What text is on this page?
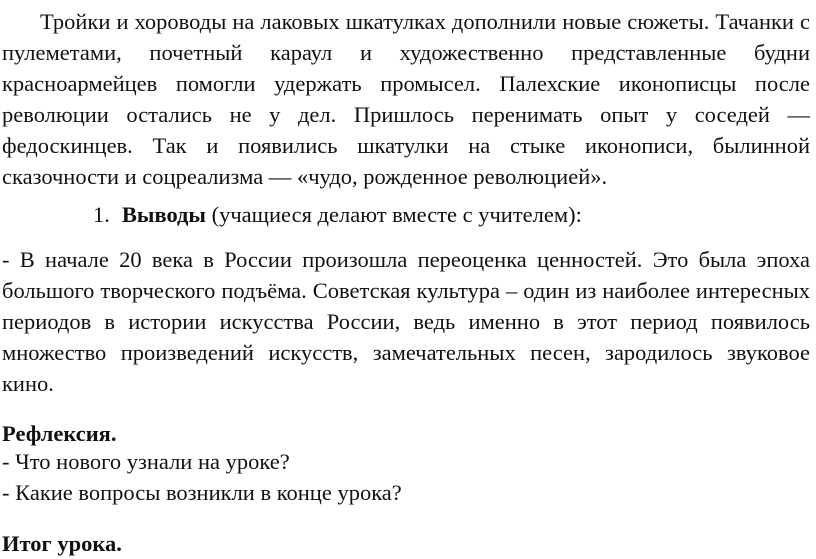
Тройки и хороводы на лаковых шкатулках дополнили новые сюжеты. Тачанки с пулеметами, почетный караул и художественно представленные будни красноармейцев помогли удержать промысел. Палехские иконописцы после революции остались не у дел. Пришлось перенимать опыт у соседей — федоскинцев. Так и появились шкатулки на стыке иконописи, былинной сказочности и соцреализма — «чудо, рожденное революцией».

1. Выводы (учащиеся делают вместе с учителем):

- В начале 20 века в России произошла переоценка ценностей. Это была эпоха большого творческого подъёма. Советская культура – один из наиболее интересных периодов в истории искусства России, ведь именно в этот период появилось множество произведений искусств, замечательных песен, зародилось звуковое кино.

Рефлексия.

- Что нового узнали на уроке?

- Какие вопросы возникли в конце урока?

Итог урока.
